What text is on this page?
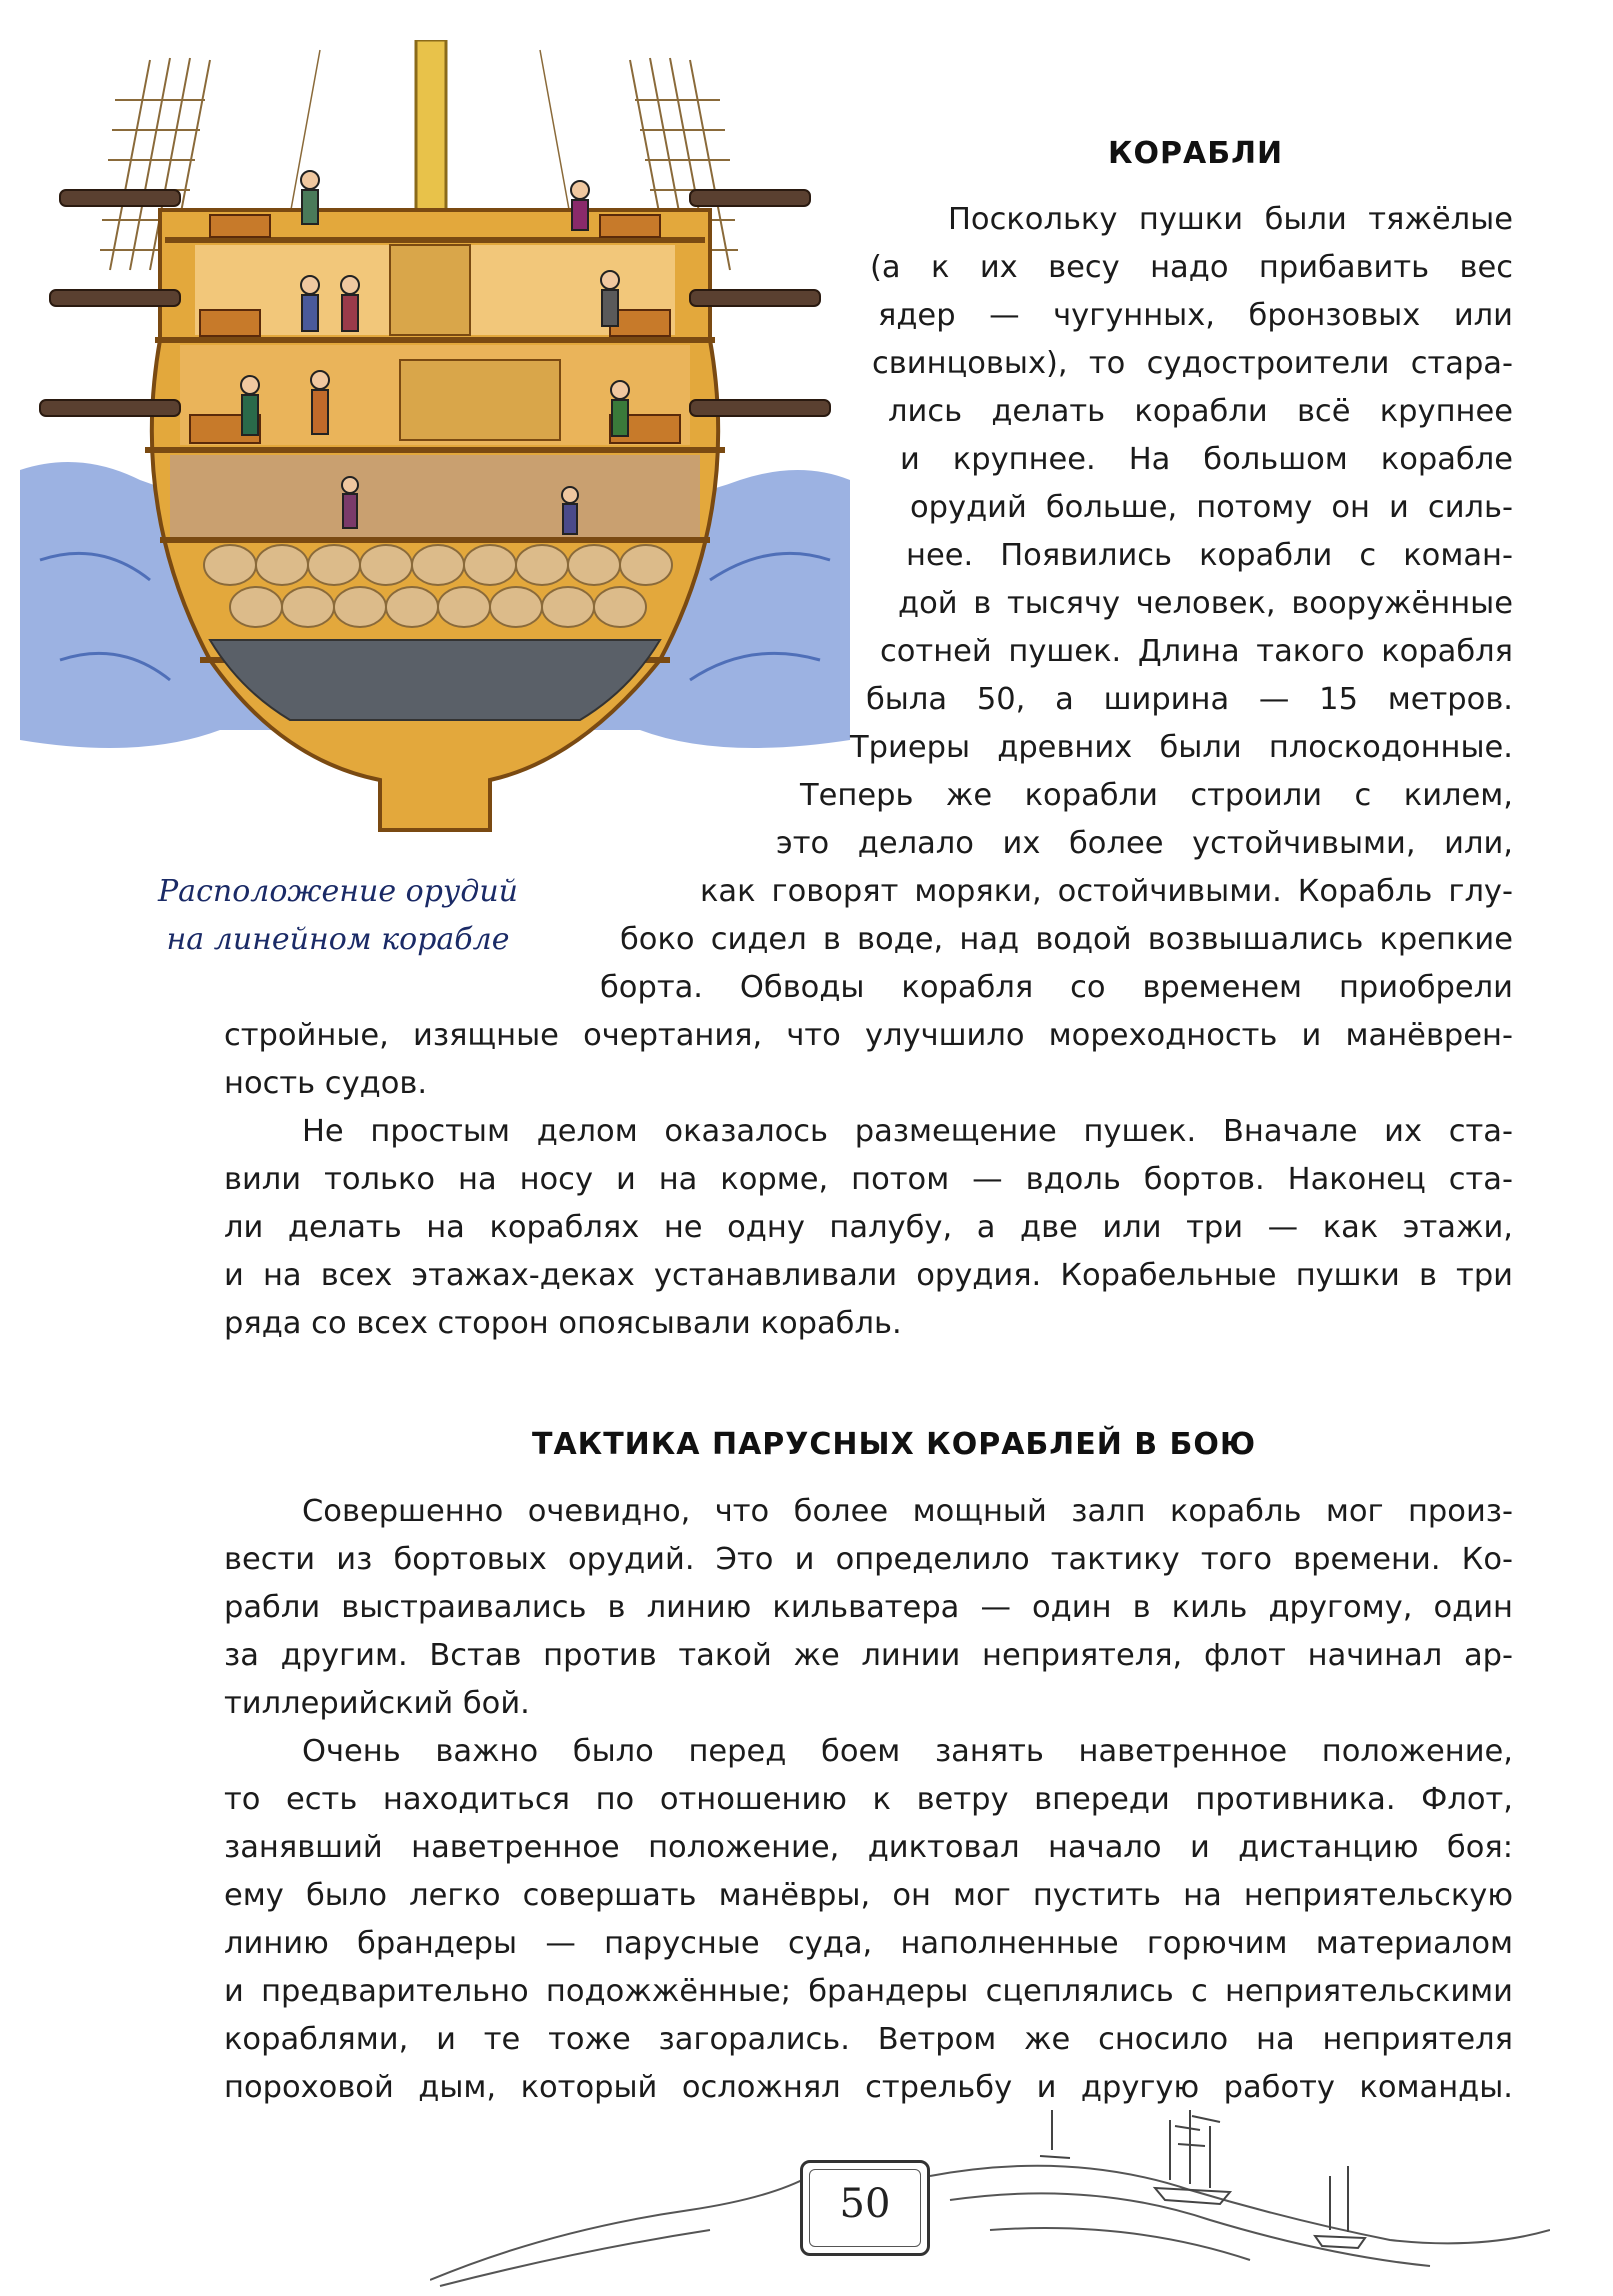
Расположение орудий
на линейном корабле
КОРАБЛИ
Поскольку пушки были тяжёлые
(а к их весу надо прибавить вес
ядер — чугунных, бронзовых или
свинцовых), то судостроители стара-
лись делать корабли всё крупнее
и крупнее. На большом корабле
орудий больше, потому он и силь-
нее. Появились корабли с коман-
дой в тысячу человек, вооружённые
сотней пушек. Длина такого корабля
была 50, а ширина — 15 метров.
Триеры древних были плоскодонные.
Теперь же корабли строили с килем,
это делало их более устойчивыми, или,
как говорят моряки, остойчивыми. Корабль глу-
боко сидел в воде, над водой возвышались крепкие
борта. Обводы корабля со временем приобрели
стройные, изящные очертания, что улучшило мореходность и манёврен-
ность судов.
Не простым делом оказалось размещение пушек. Вначале их ста-
вили только на носу и на корме, потом — вдоль бортов. Наконец ста-
ли делать на кораблях не одну палубу, а две или три — как этажи,
и на всех этажах-деках устанавливали орудия. Корабельные пушки в три
ряда со всех сторон опоясывали корабль.
ТАКТИКА ПАРУСНЫХ КОРАБЛЕЙ В БОЮ
Совершенно очевидно, что более мощный залп корабль мог произ-
вести из бортовых орудий. Это и определило тактику того времени. Ко-
рабли выстраивались в линию кильватера — один в киль другому, один
за другим. Встав против такой же линии неприятеля, флот начинал ар-
тиллерийский бой.
Очень важно было перед боем занять наветренное положение,
то есть находиться по отношению к ветру впереди противника. Флот,
занявший наветренное положение, диктовал начало и дистанцию боя:
ему было легко совершать манёвры, он мог пустить на неприятельскую
линию брандеры — парусные суда, наполненные горючим материалом
и предварительно подожжённые; брандеры сцеплялись с неприятельскими
кораблями, и те тоже загорались. Ветром же сносило на неприятеля
пороховой дым, который осложнял стрельбу и другую работу команды.
50
